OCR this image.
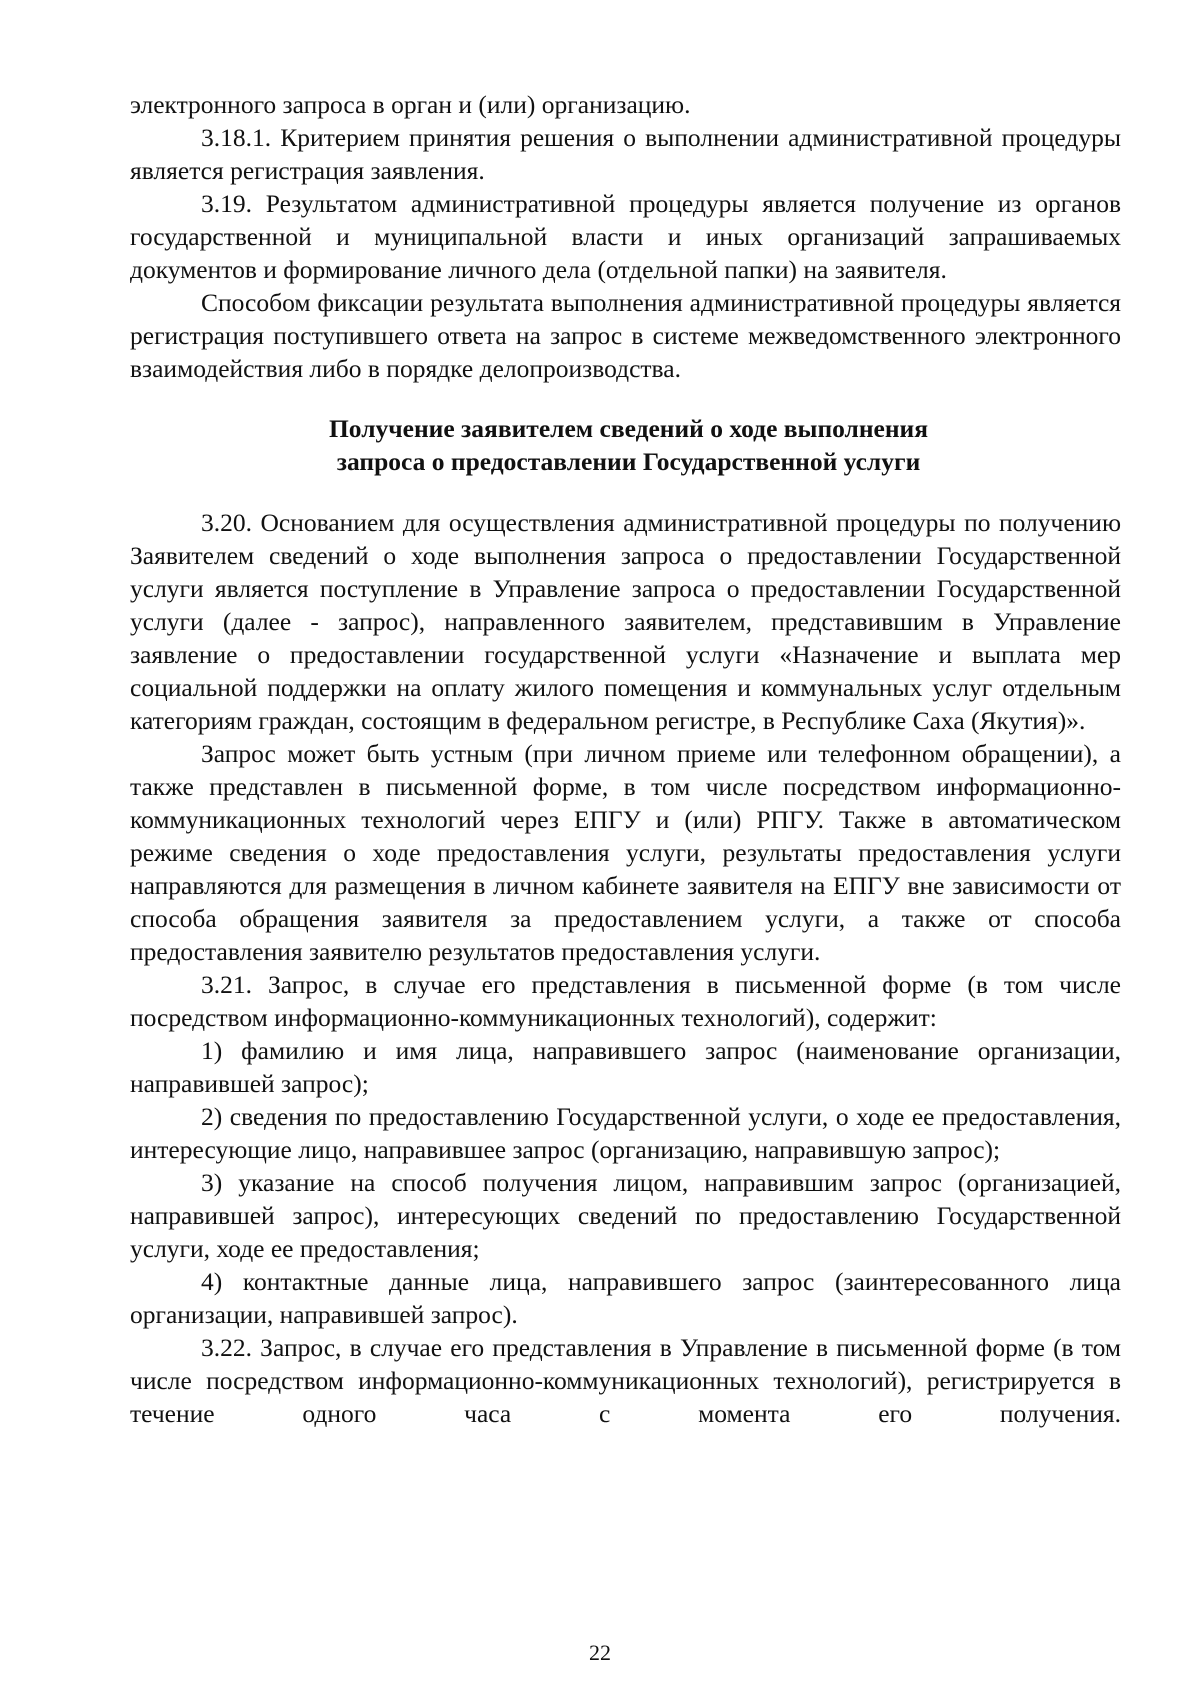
электронного запроса в орган и (или) организацию.

3.18.1. Критерием принятия решения о выполнении административной процедуры является регистрация заявления.

3.19. Результатом административной процедуры является получение из органов государственной и муниципальной власти и иных организаций запрашиваемых документов и формирование личного дела (отдельной папки) на заявителя.

Способом фиксации результата выполнения административной процедуры является регистрация поступившего ответа на запрос в системе межведомственного электронного взаимодействия либо в порядке делопроизводства.

Получение заявителем сведений о ходе выполнения

запроса о предоставлении Государственной услуги

3.20. Основанием для осуществления административной процедуры по получению Заявителем сведений о ходе выполнения запроса о предоставлении Государственной услуги является поступление в Управление запроса о предоставлении Государственной услуги (далее - запрос), направленного заявителем, представившим в Управление заявление о предоставлении государственной услуги «Назначение и выплата мер социальной поддержки на оплату жилого помещения и коммунальных услуг отдельным категориям граждан, состоящим в федеральном регистре, в Республике Саха (Якутия)».

Запрос может быть устным (при личном приеме или телефонном обращении), а также представлен в письменной форме, в том числе посредством информационно-коммуникационных технологий через ЕПГУ и (или) РПГУ. Также в автоматическом режиме сведения о ходе предоставления услуги, результаты предоставления услуги направляются для размещения в личном кабинете заявителя на ЕПГУ вне зависимости от способа обращения заявителя за предоставлением услуги, а также от способа предоставления заявителю результатов предоставления услуги.

3.21. Запрос, в случае его представления в письменной форме (в том числе посредством информационно-коммуникационных технологий), содержит:

1) фамилию и имя лица, направившего запрос (наименование организации, направившей запрос);

2) сведения по предоставлению Государственной услуги, о ходе ее предоставления, интересующие лицо, направившее запрос (организацию, направившую запрос);

3) указание на способ получения лицом, направившим запрос (организацией, направившей запрос), интересующих сведений по предоставлению Государственной услуги, ходе ее предоставления;

4) контактные данные лица, направившего запрос (заинтересованного лица организации, направившей запрос).

3.22. Запрос, в случае его представления в Управление в письменной форме (в том числе посредством информационно-коммуникационных технологий), регистрируется в течение одного часа с момента его получения.

22
